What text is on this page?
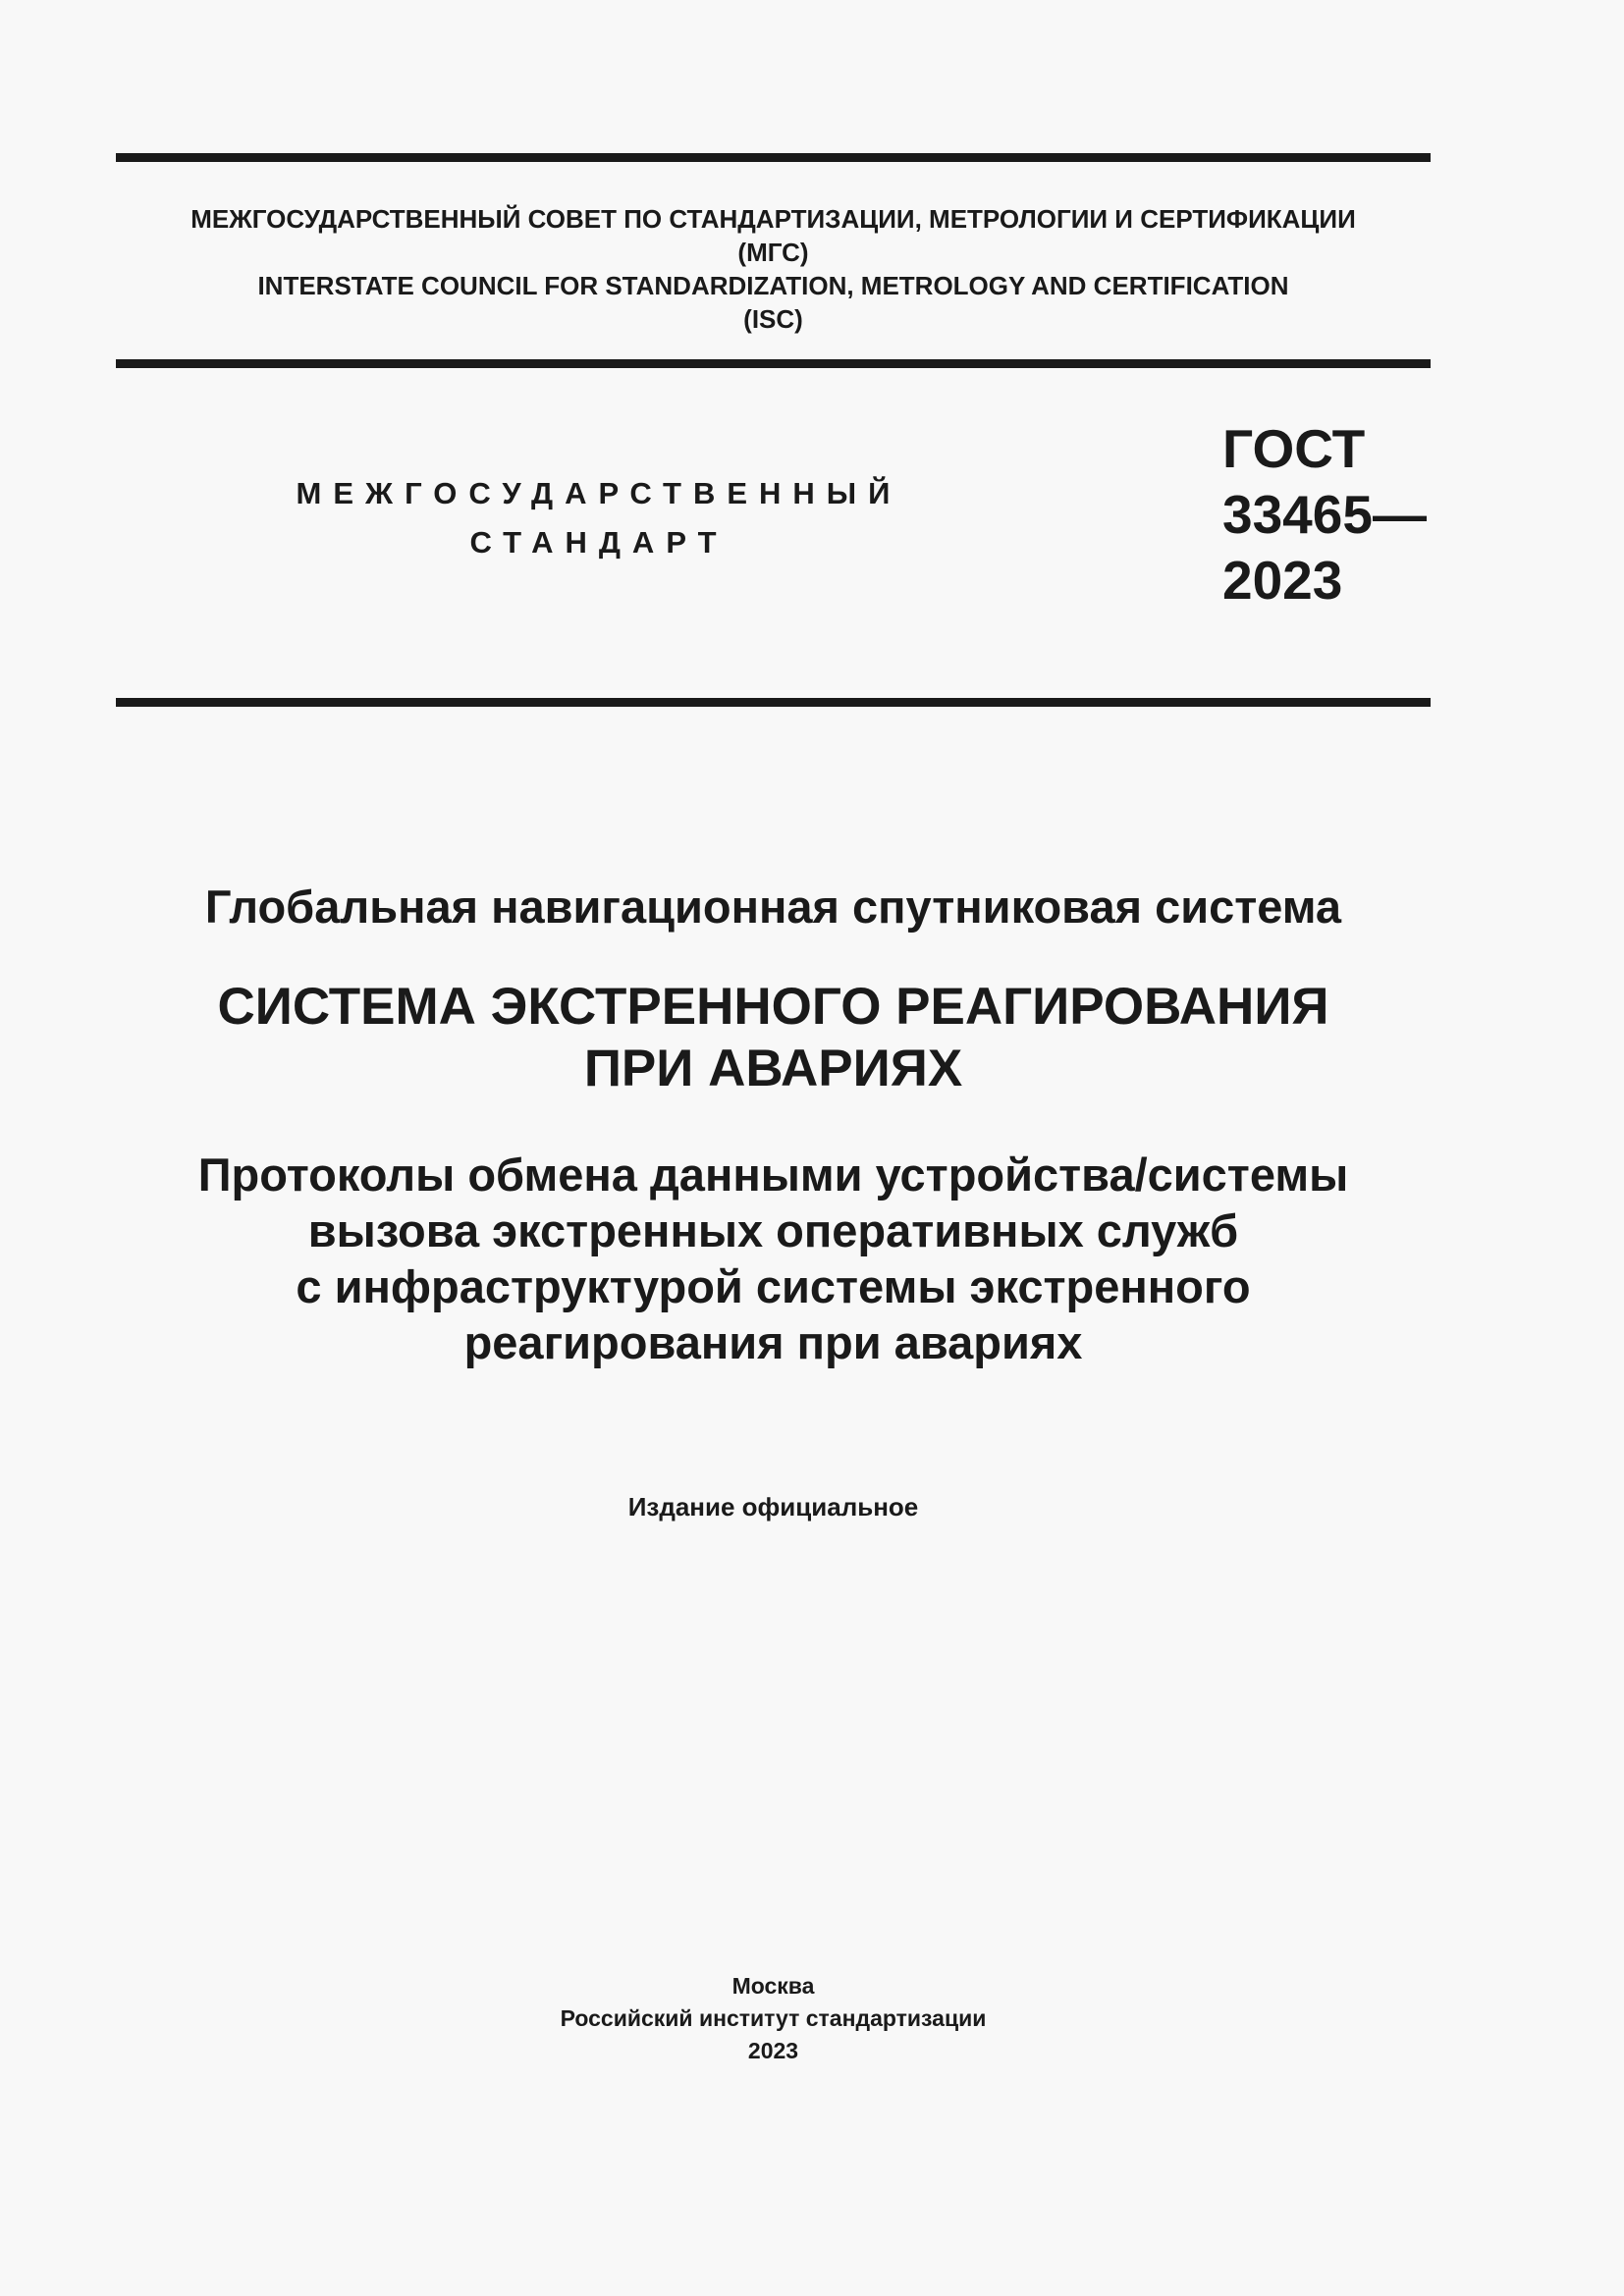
МЕЖГОСУДАРСТВЕННЫЙ СОВЕТ ПО СТАНДАРТИЗАЦИИ, МЕТРОЛОГИИ И СЕРТИФИКАЦИИ
(МГС)
INTERSTATE COUNCIL FOR STANDARDIZATION, METROLOGY AND CERTIFICATION
(ISC)
МЕЖГОСУДАРСТВЕННЫЙ
СТАНДАРТ
ГОСТ
33465—
2023
Глобальная навигационная спутниковая система
СИСТЕМА ЭКСТРЕННОГО РЕАГИРОВАНИЯ
ПРИ АВАРИЯХ
Протоколы обмена данными устройства/системы
вызова экстренных оперативных служб
с инфраструктурой системы экстренного
реагирования при авариях
Издание официальное
Москва
Российский институт стандартизации
2023
